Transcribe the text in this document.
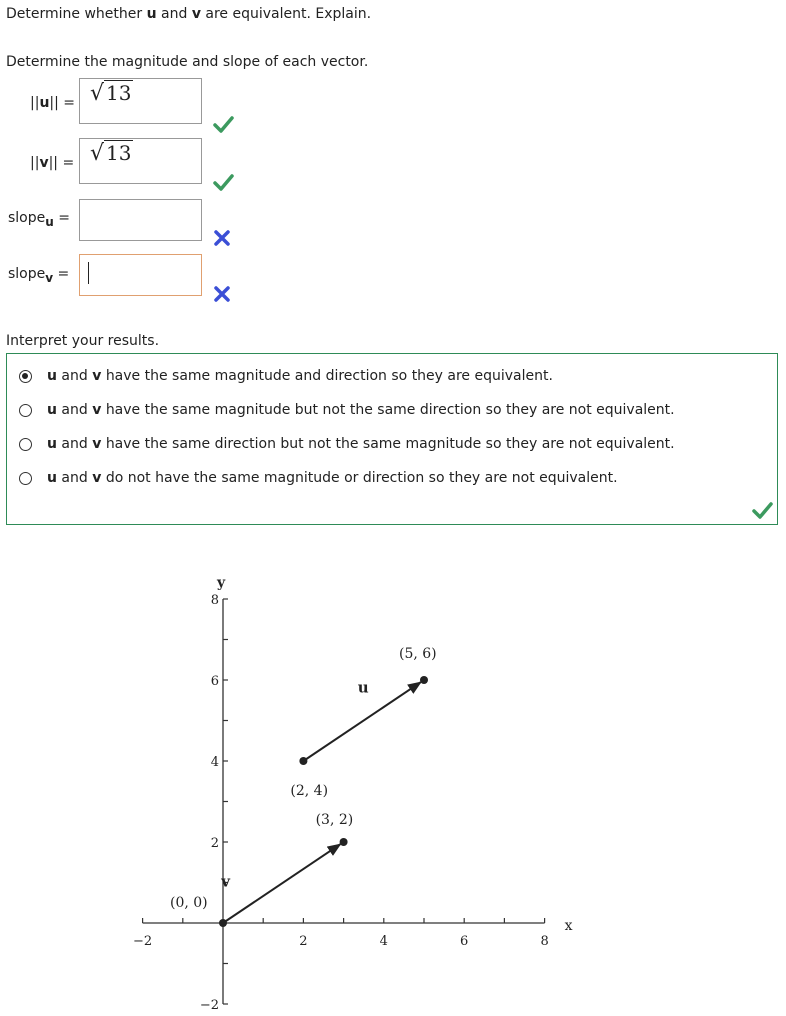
Determine whether u and v are equivalent. Explain.
Determine the magnitude and slope of each vector.
||u|| = √ 13
||v|| = √ 13
slope$_u$ =
slope$_v$ =
Interpret your results.
u and v have the same magnitude and direction so they are equivalent.
u and v have the same magnitude but not the same direction so they are not equivalent.
u and v have the same direction but not the same magnitude so they are not equivalent.
u and v do not have the same magnitude or direction so they are not equivalent.
−2	2	4	6	8
−2
2
4
6
8
x
y
u
(2, 4)
(5, 6)
v
(0, 0)
(3, 2)
